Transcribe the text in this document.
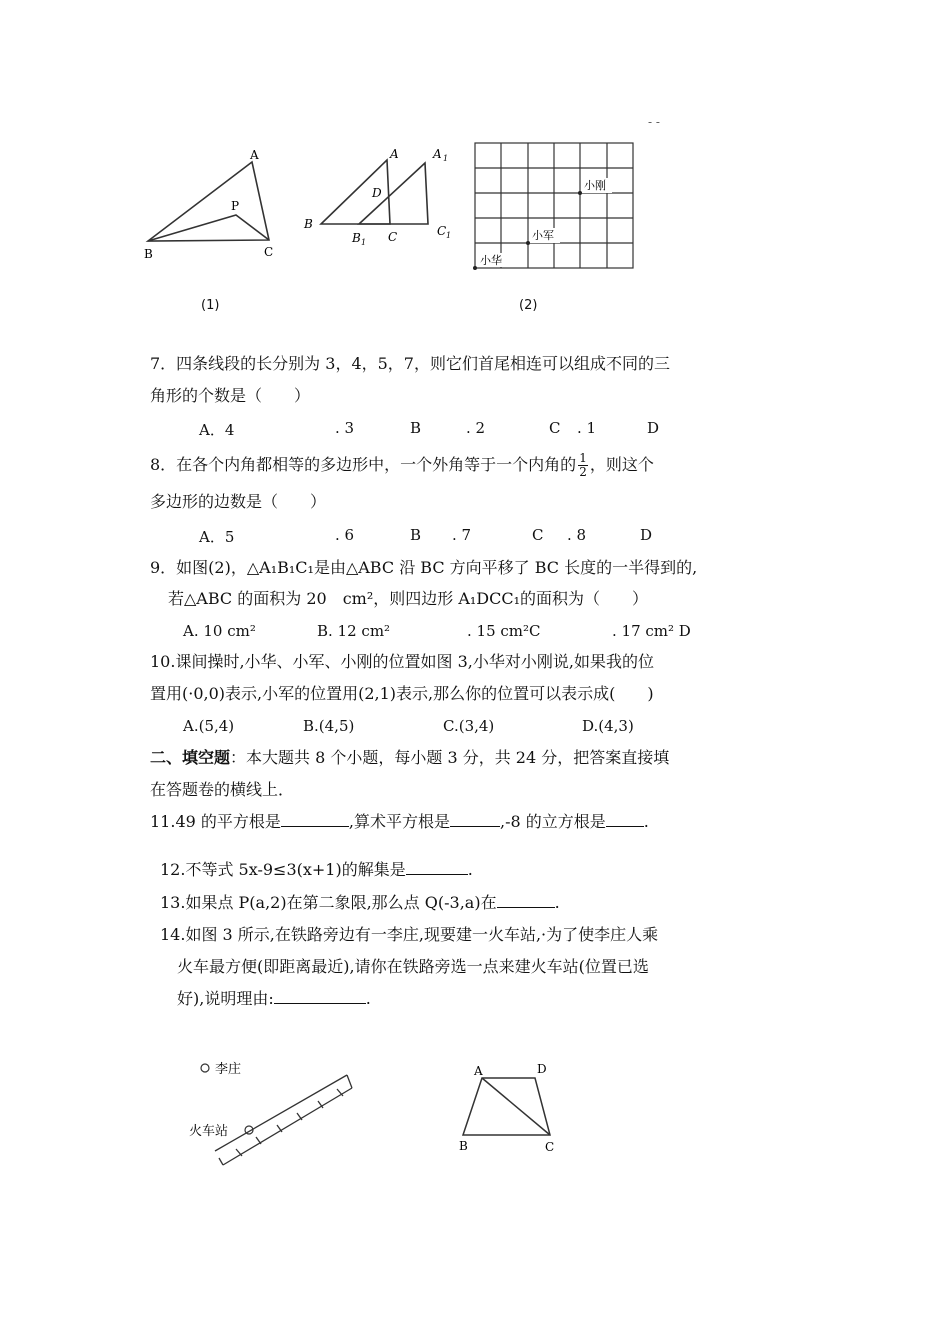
- -
A
B	C
P
A	A 1
B
B 1 C	C 1
D
小刚
小军
小华
(1)	(2)
7．四条线段的长分别为 3，4，5，7，则它们首尾相连可以组成不同的三
角形的个数是（　　）
A．4	. 3	B	. 2	C . 1	D
8．在各个内角都相等的多边形中，一个外角等于一个内角的 $\frac{1}{2}$ ，则这个
多边形的边数是（　　）
A．5	. 6	B . 7	C . 8	D
9．如图(2)，△A₁B₁C₁是由△ABC 沿 BC 方向平移了 BC 长度的一半得到的,
若△ABC 的面积为 20　cm²，则四边形 A₁DCC₁的面积为（　　）
A. 10 cm²	B. 12 cm²	. 15 cm²C	. 17 cm² D
10.课间操时,小华、小军、小刚的位置如图 3,小华对小刚说,如果我的位
置用(·0,0)表示,小军的位置用(2,1)表示,那么你的位置可以表示成(　　)
A.(5,4)	B.(4,5)	C.(3,4)	D.(4,3)
二、填空题：本大题共 8 个小题，每小题 3 分，共 24 分，把答案直接填
在答题卷的横线上．
11.49 的平方根是	,算术平方根是	,-8 的立方根是 .
12.不等式 5x-9≤3(x+1)的解集是	.
13.如果点 P(a,2)在第二象限,那么点 Q(-3,a)在	.
14.如图 3 所示,在铁路旁边有一李庄,现要建一火车站,·为了使李庄人乘
火车最方便(即距离最近),请你在铁路旁选一点来建火车站(位置已选
好),说明理由:	.
李庄
火车站
A	D
B	C
